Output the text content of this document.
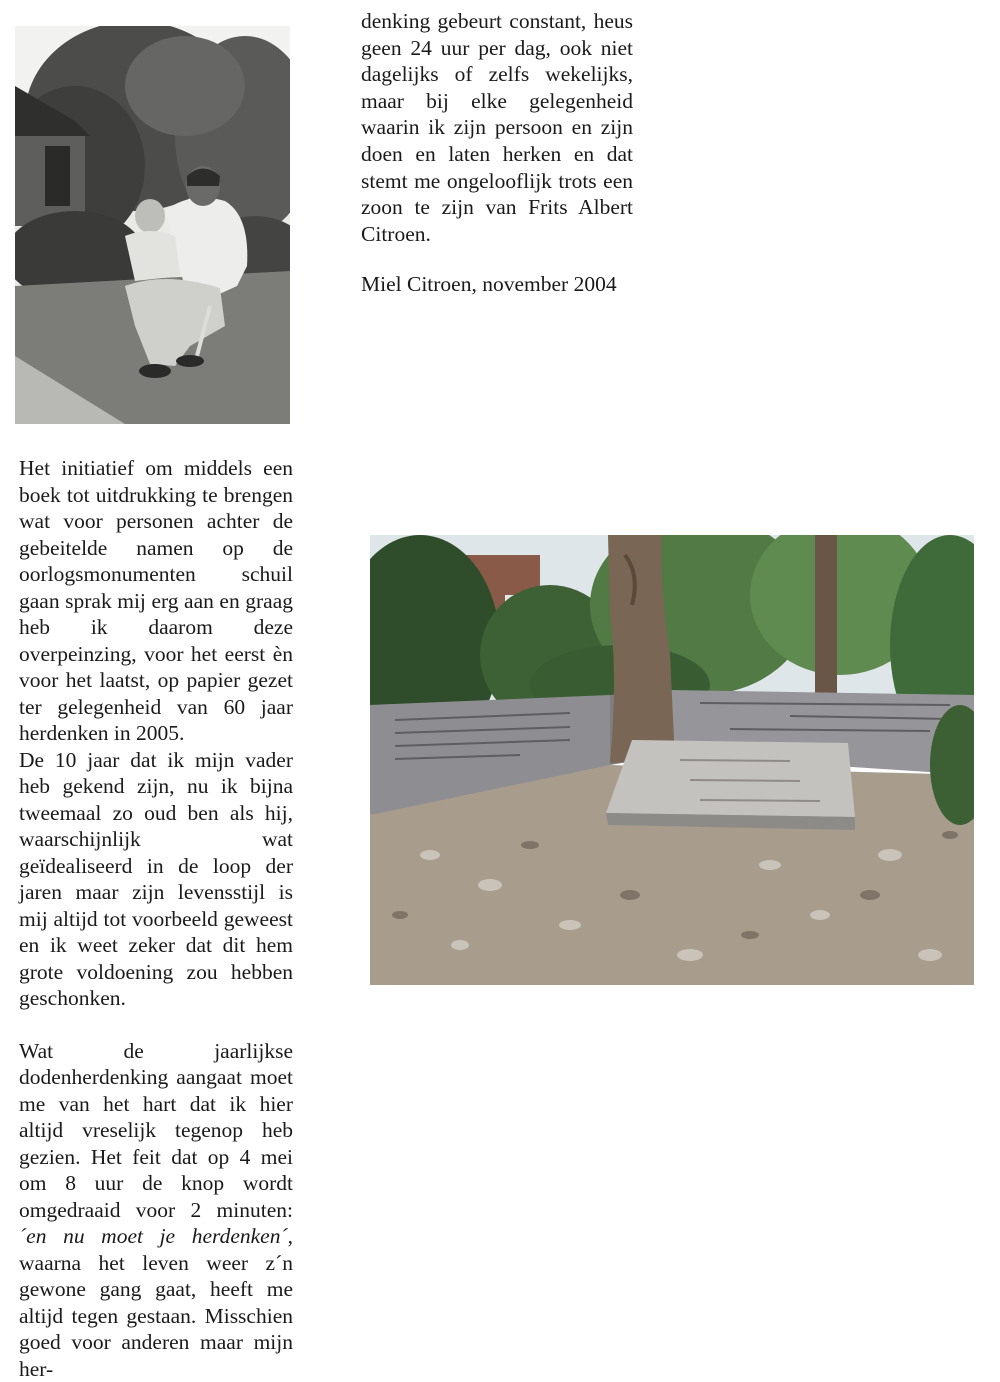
denking gebeurt constant, heus geen 24 uur per dag, ook niet dagelijks of zelfs wekelijks, maar bij elke gelegenheid waarin ik zijn persoon en zijn doen en laten herken en dat stemt me ongelooflijk trots een zoon te zijn van Frits Albert Citroen.

Miel Citroen, november 2004

Het initiatief om middels een boek tot uitdrukking te brengen wat voor personen achter de gebeitelde namen op de oorlogsmonumenten schuil gaan sprak mij erg aan en graag heb ik daarom deze overpeinzing, voor het eerst èn voor het laatst, op papier gezet ter gelegenheid van 60 jaar herdenken in 2005.

De 10 jaar dat ik mijn vader heb gekend zijn, nu ik bijna tweemaal zo oud ben als hij, waarschijnlijk wat geïdealiseerd in de loop der jaren maar zijn levensstijl is mij altijd tot voorbeeld geweest en ik weet zeker dat dit hem grote voldoening zou hebben geschonken.

Wat de jaarlijkse dodenherdenking aangaat moet me van het hart dat ik hier altijd vreselijk tegenop heb gezien. Het feit dat op 4 mei om 8 uur de knop wordt omgedraaid voor 2 minuten: ´en nu moet je herdenken´, waarna het leven weer z´n gewone gang gaat, heeft me altijd tegen gestaan. Misschien goed voor anderen maar mijn her-
